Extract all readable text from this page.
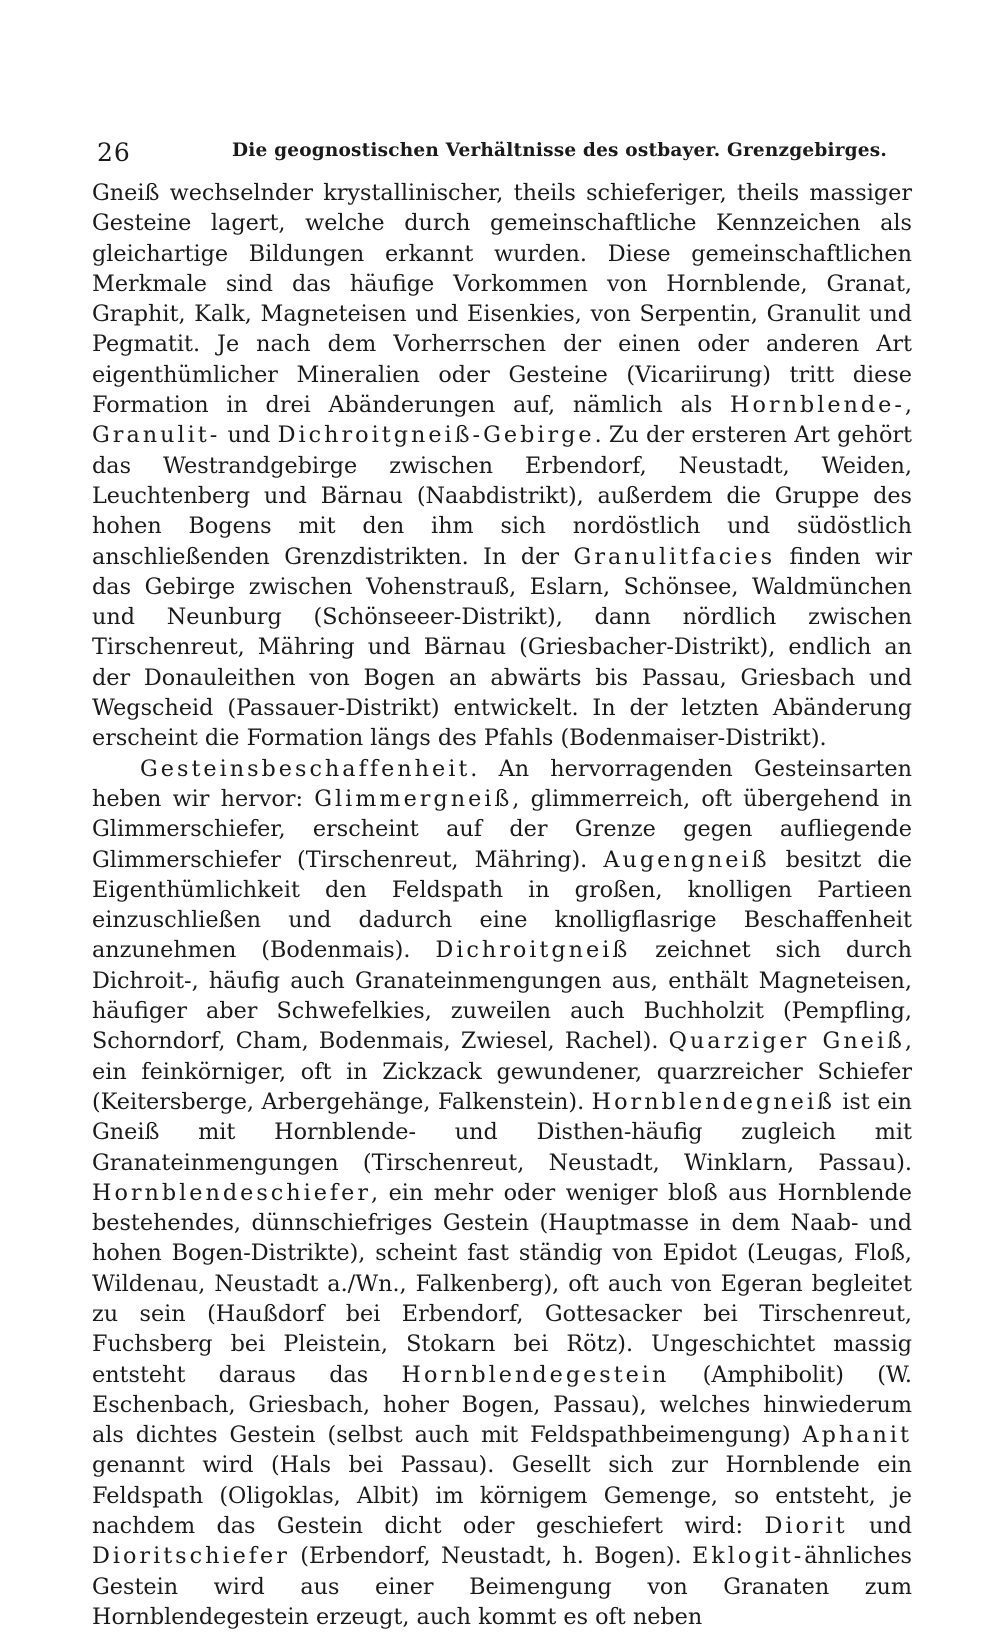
26	Die geognostischen Verhältnisse des ostbayer. Grenzgebirges.

Gneiß wechselnder krystallinischer, theils schieferiger, theils massiger Gesteine lagert, welche durch gemeinschaftliche Kennzeichen als gleichartige Bildungen erkannt wurden. Diese gemeinschaftlichen Merkmale sind das häufige Vorkommen von Hornblende, Granat, Graphit, Kalk, Magneteisen und Eisenkies, von Serpentin, Granulit und Pegmatit. Je nach dem Vorherrschen der einen oder anderen Art eigenthümlicher Mineralien oder Gesteine (Vicariirung) tritt diese Formation in drei Abänderungen auf, nämlich als Hornblende-, Granulit- und Dichroitgneiß-Gebirge. Zu der ersteren Art gehört das Westrandgebirge zwischen Erbendorf, Neustadt, Weiden, Leuchtenberg und Bärnau (Naabdistrikt), außerdem die Gruppe des hohen Bogens mit den ihm sich nordöstlich und südöstlich anschließenden Grenzdistrikten. In der Granulitfacies finden wir das Gebirge zwischen Vohenstrauß, Eslarn, Schönsee, Waldmünchen und Neunburg (Schönseeer-Distrikt), dann nördlich zwischen Tirschenreut, Mähring und Bärnau (Griesbacher-Distrikt), endlich an der Donauleithen von Bogen an abwärts bis Passau, Griesbach und Wegscheid (Passauer-Distrikt) entwickelt. In der letzten Abänderung erscheint die Formation längs des Pfahls (Bodenmaiser-Distrikt).

Gesteinsbeschaffenheit. An hervorragenden Gesteinsarten heben wir hervor: Glimmergneiß, glimmerreich, oft übergehend in Glimmerschiefer, erscheint auf der Grenze gegen aufliegende Glimmerschiefer (Tirschenreut, Mähring). Augengneiß besitzt die Eigenthümlichkeit den Feldspath in großen, knolligen Partieen einzuschließen und dadurch eine knolligflasrige Beschaffenheit anzunehmen (Bodenmais). Dichroitgneiß zeichnet sich durch Dichroit-, häufig auch Granateinmengungen aus, enthält Magneteisen, häufiger aber Schwefelkies, zuweilen auch Buchholzit (Pempfling, Schorndorf, Cham, Bodenmais, Zwiesel, Rachel). Quarziger Gneiß, ein feinkörniger, oft in Zickzack gewundener, quarzreicher Schiefer (Keitersberge, Arbergehänge, Falkenstein). Hornblendegneiß ist ein Gneiß mit Hornblende- und Disthen-häufig zugleich mit Granateinmengungen (Tirschenreut, Neustadt, Winklarn, Passau). Hornblendeschiefer, ein mehr oder weniger bloß aus Hornblende bestehendes, dünnschiefriges Gestein (Hauptmasse in dem Naab- und hohen Bogen-Distrikte), scheint fast ständig von Epidot (Leugas, Floß, Wildenau, Neustadt a./Wn., Falkenberg), oft auch von Egeran begleitet zu sein (Haußdorf bei Erbendorf, Gottesacker bei Tirschenreut, Fuchsberg bei Pleistein, Stokarn bei Rötz). Ungeschichtet massig entsteht daraus das Hornblendegestein (Amphibolit) (W. Eschenbach, Griesbach, hoher Bogen, Passau), welches hinwiederum als dichtes Gestein (selbst auch mit Feldspathbeimengung) Aphanit genannt wird (Hals bei Passau). Gesellt sich zur Hornblende ein Feldspath (Oligoklas, Albit) im körnigem Gemenge, so entsteht, je nachdem das Gestein dicht oder geschiefert wird: Diorit und Dioritschiefer (Erbendorf, Neustadt, h. Bogen). Eklogit-ähnliches Gestein wird aus einer Beimengung von Granaten zum Hornblendegestein erzeugt, auch kommt es oft neben
